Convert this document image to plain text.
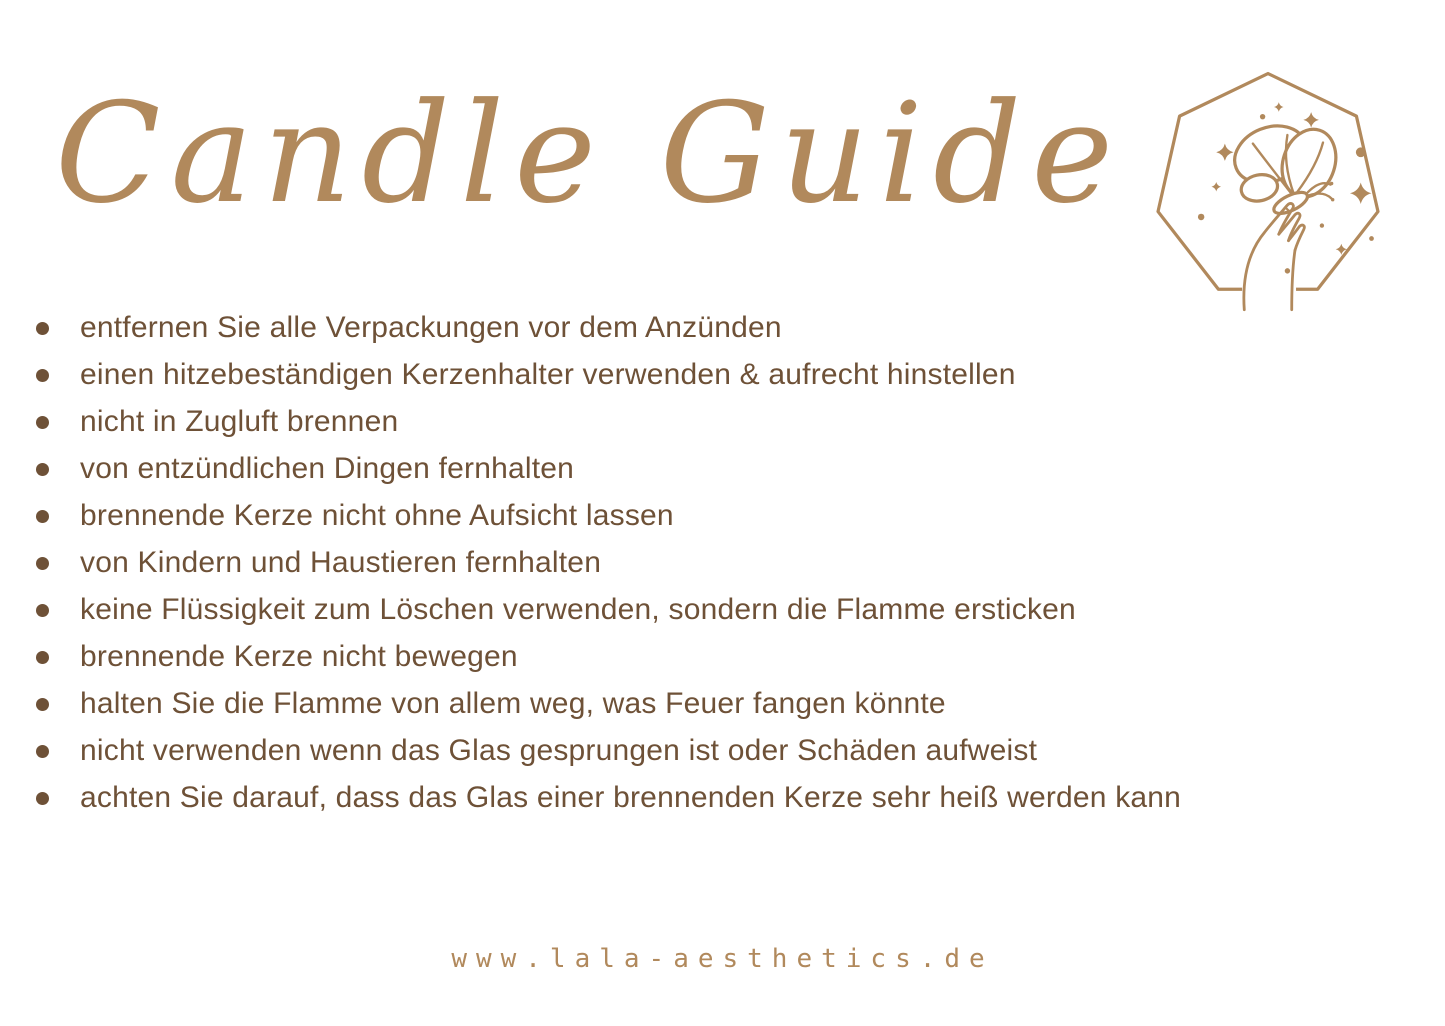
Candle Guide
entfernen Sie alle Verpackungen vor dem Anzünden
einen hitzebeständigen Kerzenhalter verwenden & aufrecht hinstellen
nicht in Zugluft brennen
von entzündlichen Dingen fernhalten
brennende Kerze nicht ohne Aufsicht lassen
von Kindern und Haustieren fernhalten
keine Flüssigkeit zum Löschen verwenden, sondern die Flamme ersticken
brennende Kerze nicht bewegen
halten Sie die Flamme von allem weg, was Feuer fangen könnte
nicht verwenden wenn das Glas gesprungen ist oder Schäden aufweist
achten Sie darauf, dass das Glas einer brennenden Kerze sehr heiß werden kann
www.lala-aesthetics.de
